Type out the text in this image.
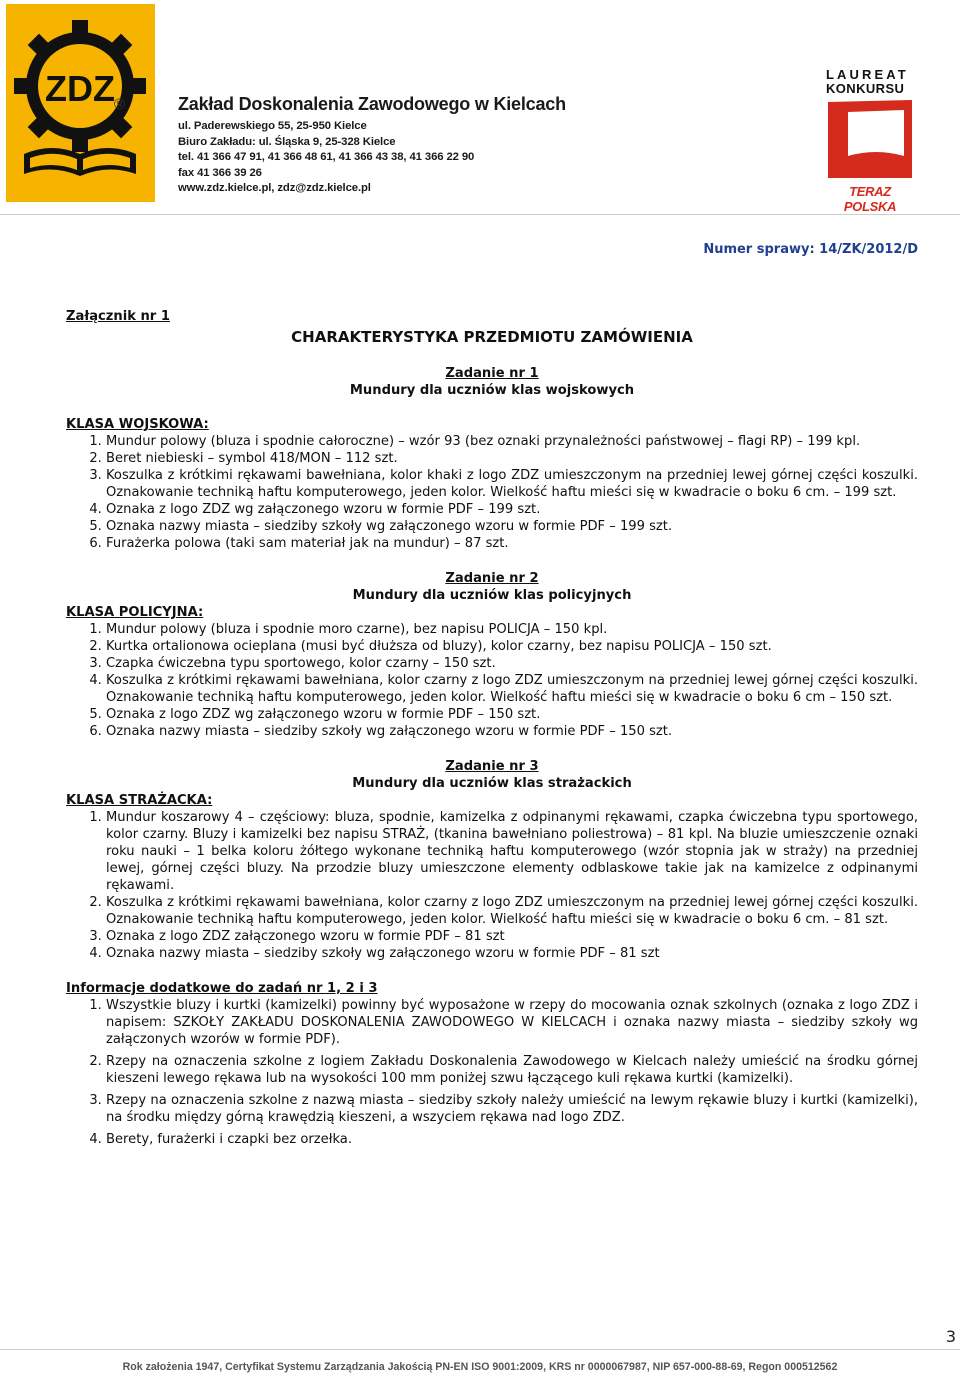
ZDZ ®	Zakład Doskonalenia Zawodowego w Kielcach
ul. Paderewskiego 55, 25-950 Kielce
Biuro Zakładu: ul. Śląska 9, 25-328 Kielce
tel. 41 366 47 91, 41 366 48 61, 41 366 43 38, 41 366 22 90
fax 41 366 39 26
www.zdz.kielce.pl, zdz@zdz.kielce.pl
LAUREAT
KONKURSU
TERAZ POLSKA
Numer sprawy: 14/ZK/2012/D
Załącznik nr 1
CHARAKTERYSTYKA PRZEDMIOTU ZAMÓWIENIA
Zadanie nr 1
Mundury dla uczniów klas wojskowych
KLASA WOJSKOWA:
1. Mundur polowy (bluza i spodnie całoroczne) – wzór 93 (bez oznaki przynależności państwowej – flagi RP) – 199 kpl.
2. Beret niebieski – symbol 418/MON – 112 szt.
3. Koszulka z krótkimi rękawami bawełniana, kolor khaki z logo ZDZ umieszczonym na przedniej lewej górnej części koszulki. Oznakowanie techniką haftu komputerowego, jeden kolor. Wielkość haftu mieści się w kwadracie o boku 6 cm. – 199 szt.
4. Oznaka z logo ZDZ wg załączonego wzoru w formie PDF – 199 szt.
5. Oznaka nazwy miasta – siedziby szkoły wg załączonego wzoru w formie PDF – 199 szt.
6. Furażerka polowa (taki sam materiał jak na mundur) – 87 szt.
Zadanie nr 2
Mundury dla uczniów klas policyjnych
KLASA POLICYJNA:
1. Mundur polowy (bluza i spodnie moro czarne), bez napisu POLICJA – 150 kpl.
2. Kurtka ortalionowa ocieplana (musi być dłuższa od bluzy), kolor czarny, bez napisu POLICJA – 150 szt.
3. Czapka ćwiczebna typu sportowego, kolor czarny – 150 szt.
4. Koszulka z krótkimi rękawami bawełniana, kolor czarny z logo ZDZ umieszczonym na przedniej lewej górnej części koszulki. Oznakowanie techniką haftu komputerowego, jeden kolor. Wielkość haftu mieści się w kwadracie o boku 6 cm – 150 szt.
5. Oznaka z logo ZDZ wg załączonego wzoru w formie PDF – 150 szt.
6. Oznaka nazwy miasta – siedziby szkoły wg załączonego wzoru w formie PDF – 150 szt.
Zadanie nr 3
Mundury dla uczniów klas strażackich
KLASA STRAŻACKA:
1. Mundur koszarowy 4 – częściowy: bluza, spodnie, kamizelka z odpinanymi rękawami, czapka ćwiczebna typu sportowego, kolor czarny. Bluzy i kamizelki bez napisu STRAŻ, (tkanina bawełniano poliestrowa) – 81 kpl. Na bluzie umieszczenie oznaki roku nauki – 1 belka koloru żółtego wykonane techniką haftu komputerowego (wzór stopnia jak w straży) na przedniej lewej, górnej części bluzy. Na przodzie bluzy umieszczone elementy odblaskowe takie jak na kamizelce z odpinanymi rękawami.
2. Koszulka z krótkimi rękawami bawełniana, kolor czarny z logo ZDZ umieszczonym na przedniej lewej górnej części koszulki. Oznakowanie techniką haftu komputerowego, jeden kolor. Wielkość haftu mieści się w kwadracie o boku 6 cm. – 81 szt.
3. Oznaka z logo ZDZ załączonego wzoru w formie PDF – 81 szt
4. Oznaka nazwy miasta – siedziby szkoły wg załączonego wzoru w formie PDF – 81 szt
Informacje dodatkowe do zadań nr 1, 2 i 3
1. Wszystkie bluzy i kurtki (kamizelki) powinny być wyposażone w rzepy do mocowania oznak szkolnych (oznaka z logo ZDZ i napisem: SZKOŁY ZAKŁADU DOSKONALENIA ZAWODOWEGO W KIELCACH i oznaka nazwy miasta – siedziby szkoły wg załączonych wzorów w formie PDF).
2. Rzepy na oznaczenia szkolne z logiem Zakładu Doskonalenia Zawodowego w Kielcach należy umieścić na środku górnej kieszeni lewego rękawa lub na wysokości 100 mm poniżej szwu łączącego kuli rękawa kurtki (kamizelki).
3. Rzepy na oznaczenia szkolne z nazwą miasta – siedziby szkoły należy umieścić na lewym rękawie bluzy i kurtki (kamizelki), na środku między górną krawędzią kieszeni, a wszyciem rękawa nad logo ZDZ.
4. Berety, furażerki i czapki bez orzełka.
3
Rok założenia 1947, Certyfikat Systemu Zarządzania Jakością PN-EN ISO 9001:2009, KRS nr 0000067987, NIP 657-000-88-69, Regon 000512562
